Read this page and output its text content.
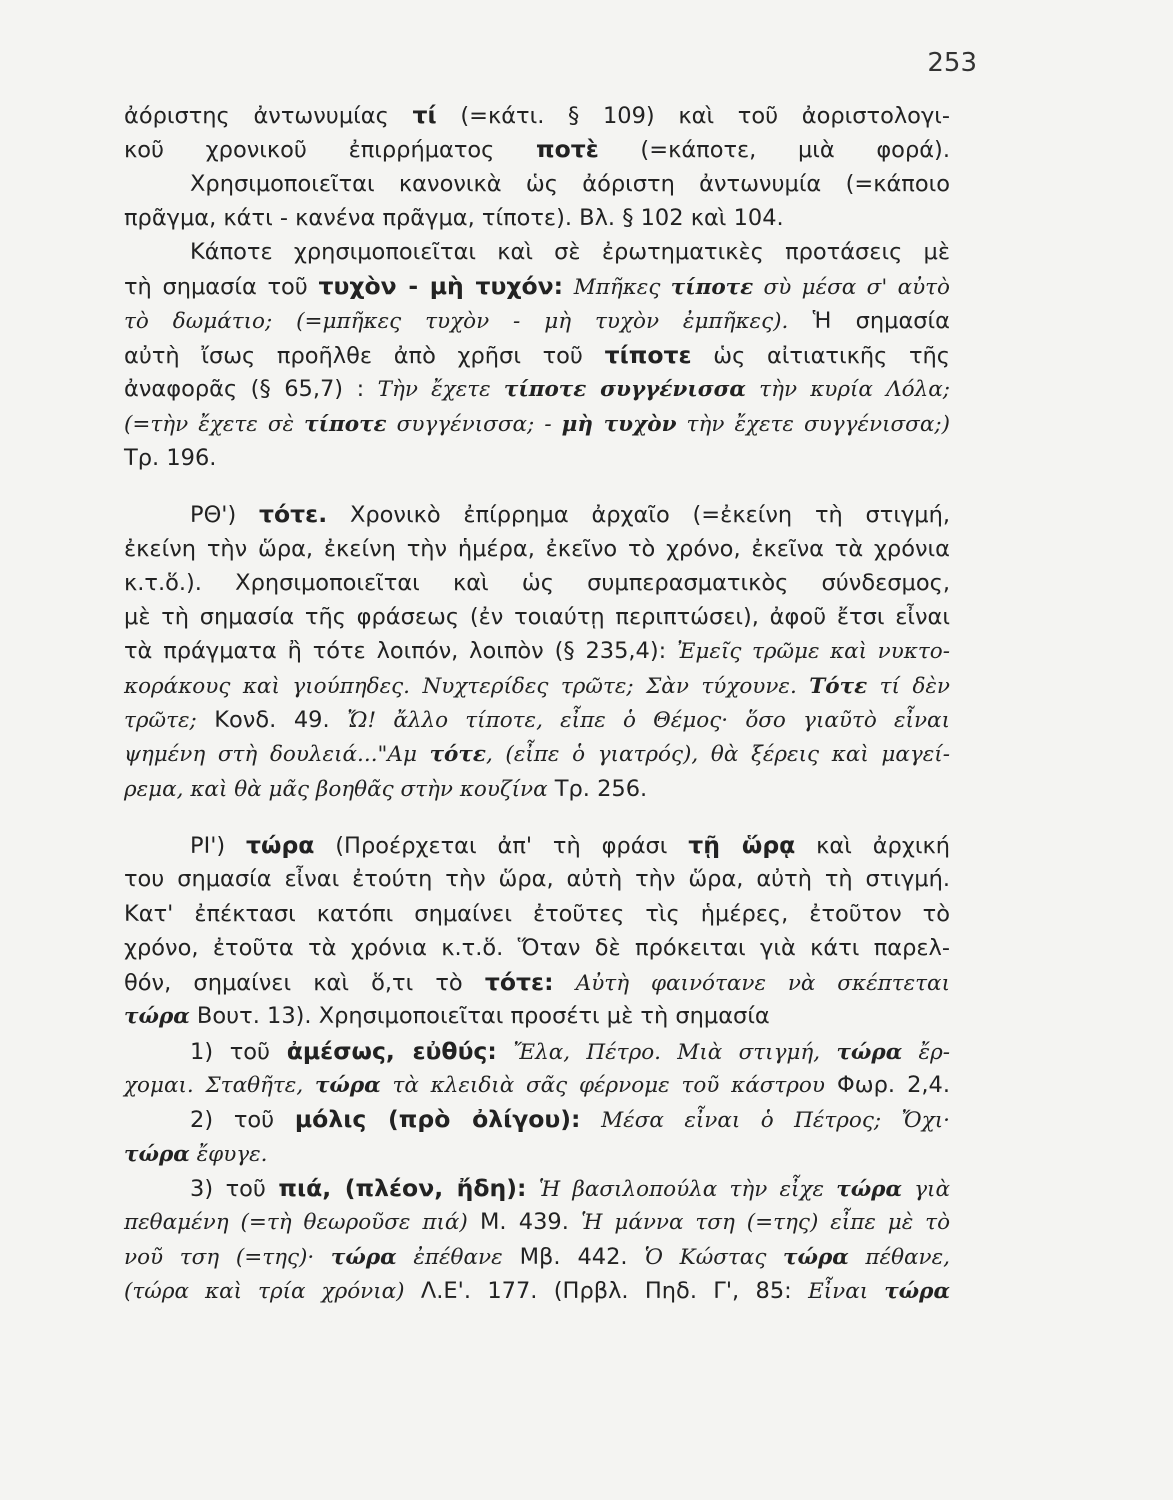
253
ἀόριστης ἀντωνυμίας τί (=κάτι. § 109) καὶ τοῦ ἀοριστολογι-
κοῦ χρονικοῦ ἐπιρρήματος ποτὲ (=κάποτε, μιὰ φορά).
Χρησιμοποιεῖται κανονικὰ ὡς ἀόριστη ἀντωνυμία (=κάποιο
πρᾶγμα, κάτι - κανένα πρᾶγμα, τίποτε). Βλ. § 102 καὶ 104.
Κάποτε χρησιμοποιεῖται καὶ σὲ ἐρωτηματικὲς προτάσεις μὲ
τὴ σημασία τοῦ τυχὸν - μὴ τυχόν: Μπῆκες τίποτε σὺ μέσα σ' αὐτὸ
τὸ δωμάτιο; (=μπῆκες τυχὸν - μὴ τυχὸν ἐμπῆκες). Ἡ σημασία
αὐτὴ ἴσως προῆλθε ἀπὸ χρῆσι τοῦ τίποτε ὡς αἰτιατικῆς τῆς
ἀναφορᾶς (§ 65,7) : Τὴν ἔχετε τίποτε συγγένισσα τὴν κυρία Λόλα;
(=τὴν ἔχετε σὲ τίποτε συγγένισσα; - μὴ τυχὸν τὴν ἔχετε συγγένισσα;)
Τρ. 196.
ΡΘ') τότε. Χρονικὸ ἐπίρρημα ἀρχαῖο (=ἐκείνη τὴ στιγμή,
ἐκείνη τὴν ὥρα, ἐκείνη τὴν ἡμέρα, ἐκεῖνο τὸ χρόνο, ἐκεῖνα τὰ χρόνια
κ.τ.ὅ.). Χρησιμοποιεῖται καὶ ὡς συμπερασματικὸς σύνδεσμος,
μὲ τὴ σημασία τῆς φράσεως (ἐν τοιαύτῃ περιπτώσει), ἀφοῦ ἔτσι εἶναι
τὰ πράγματα ἢ τότε λοιπόν, λοιπὸν (§ 235,4): Ἐμεῖς τρῶμε καὶ νυκτο-
κοράκους καὶ γιούπηδες. Νυχτερίδες τρῶτε; Σὰν τύχουνε. Τότε τί δὲν
τρῶτε; Κονδ. 49. Ὤ! ἄλλο τίποτε, εἶπε ὁ Θέμος· ὅσο γιαῦτὸ εἶναι
ψημένη στὴ δουλειά..."Αμ τότε, (εἶπε ὁ γιατρός), θὰ ξέρεις καὶ μαγεί-
ρεμα, καὶ θὰ μᾶς βοηθᾶς στὴν κουζίνα Τρ. 256.
ΡΙ') τώρα (Προέρχεται ἀπ' τὴ φράσι τῇ ὥρᾳ καὶ ἀρχική
του σημασία εἶναι ἐτούτη τὴν ὥρα, αὐτὴ τὴν ὥρα, αὐτὴ τὴ στιγμή.
Κατ' ἐπέκτασι κατόπι σημαίνει ἐτοῦτες τὶς ἡμέρες, ἐτοῦτον τὸ
χρόνο, ἐτοῦτα τὰ χρόνια κ.τ.ὅ. Ὅταν δὲ πρόκειται γιὰ κάτι παρελ-
θόν, σημαίνει καὶ ὅ,τι τὸ τότε: Αὐτὴ φαινότανε νὰ σκέπτεται
τώρα Βουτ. 13). Χρησιμοποιεῖται προσέτι μὲ τὴ σημασία
1) τοῦ ἀμέσως, εὐθύς: Ἔλα, Πέτρο. Μιὰ στιγμή, τώρα ἔρ-
χομαι. Σταθῆτε, τώρα τὰ κλειδιὰ σᾶς φέρνομε τοῦ κάστρου Φωρ. 2,4.
2) τοῦ μόλις (πρὸ ὀλίγου): Μέσα εἶναι ὁ Πέτρος; Ὄχι·
τώρα ἔφυγε.
3) τοῦ πιά, (πλέον, ἤδη): Ἡ βασιλοπούλα τὴν εἶχε τώρα γιὰ
πεθαμένη (=τὴ θεωροῦσε πιά) Μ. 439. Ἡ μάννα τση (=της) εἶπε μὲ τὸ
νοῦ τση (=της)· τώρα ἐπέθανε Μβ. 442. Ὁ Κώστας τώρα πέθανε,
(τώρα καὶ τρία χρόνια) Λ.Ε'. 177. (Πρβλ. Πηδ. Γ', 85: Εἶναι τώρα
